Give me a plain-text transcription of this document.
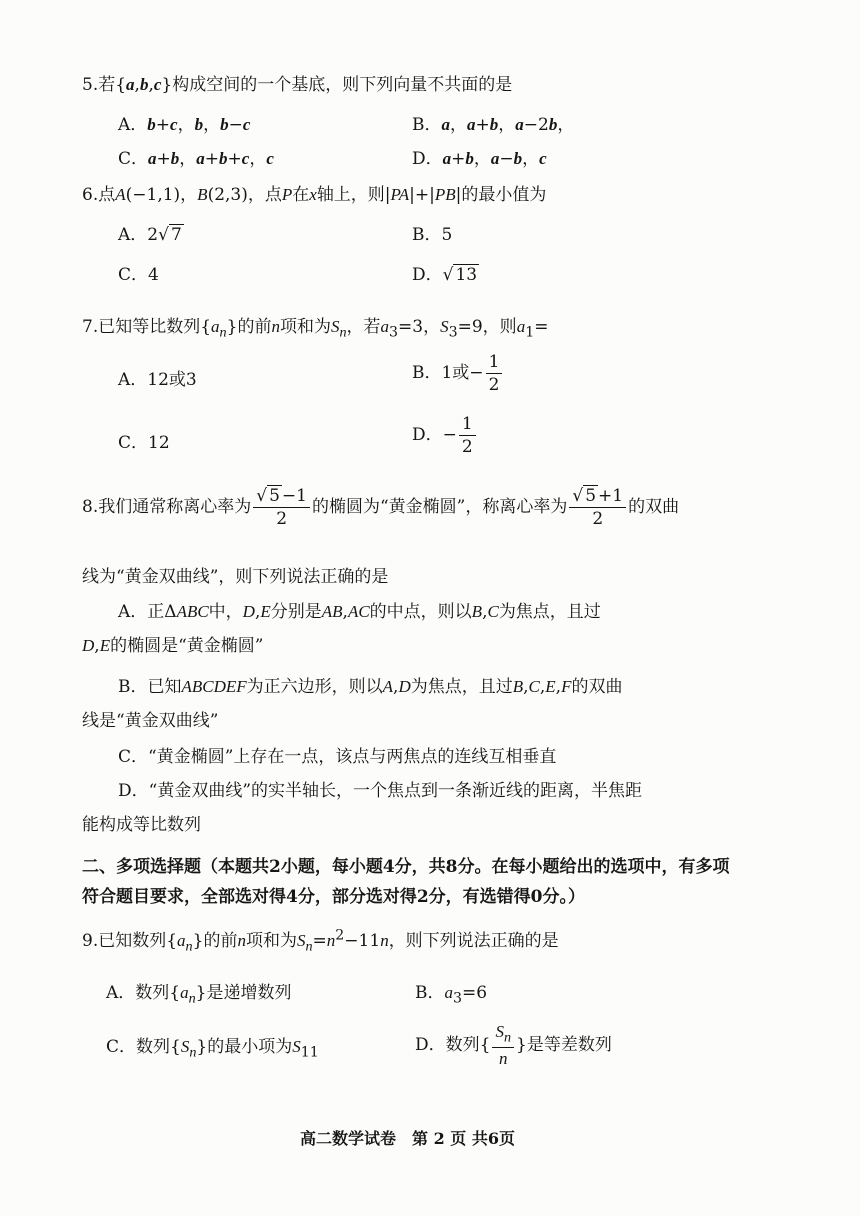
5.若{a,b,c}构成空间的一个基底，则下列向量不共面的是
A．b+c，b，b−c	B．a，a+b，a−2b，
C．a+b，a+b+c，c	D．a+b，a−b，c
6.点A(−1,1)，B(2,3)，点P在x轴上，则|PA|+|PB|的最小值为
A．2√ 7	B．5
C．4	D．√ 13
7.已知等比数列$\{a_n\}$的前n项和为$S_n$，若$a_3=3$，$S_3=9$，则$a_1=$
A．12或3	B．1或− $\frac{1}{2}$
C．12	D．− $\frac{1}{2}$
8.我们通常称离心率为 $\frac{√ 5 -1}{2}$ 的椭圆为“黄金椭圆”，称离心率为 $\frac{√ 5 +1}{2}$ 的双曲
线为“黄金双曲线”，则下列说法正确的是
A．正ΔABC中，D,E分别是AB,AC的中点，则以B,C为焦点，且过
D,E的椭圆是“黄金椭圆”
B．已知ABCDEF为正六边形，则以A,D为焦点，且过B,C,E,F的双曲
线是“黄金双曲线”
C．“黄金椭圆”上存在一点，该点与两焦点的连线互相垂直
D．“黄金双曲线”的实半轴长，一个焦点到一条渐近线的距离，半焦距
能构成等比数列
二、多项选择题（本题共2小题，每小题4分，共8分。在每小题给出的选项中，有多项
符合题目要求，全部选对得4分，部分选对得2分，有选错得0分。）
9.已知数列$\{a_n\}$的前n项和为$S_n=n^2-11n$，则下列说法正确的是
A．数列$\{a_n\}$是递增数列	B．$a_3=6$
C．数列$\{S_n\}$的最小项为$S_{11}$	D．数列{ $\frac{S_n}{n}$ }是等差数列
高二数学试卷　第 2 页 共6页
